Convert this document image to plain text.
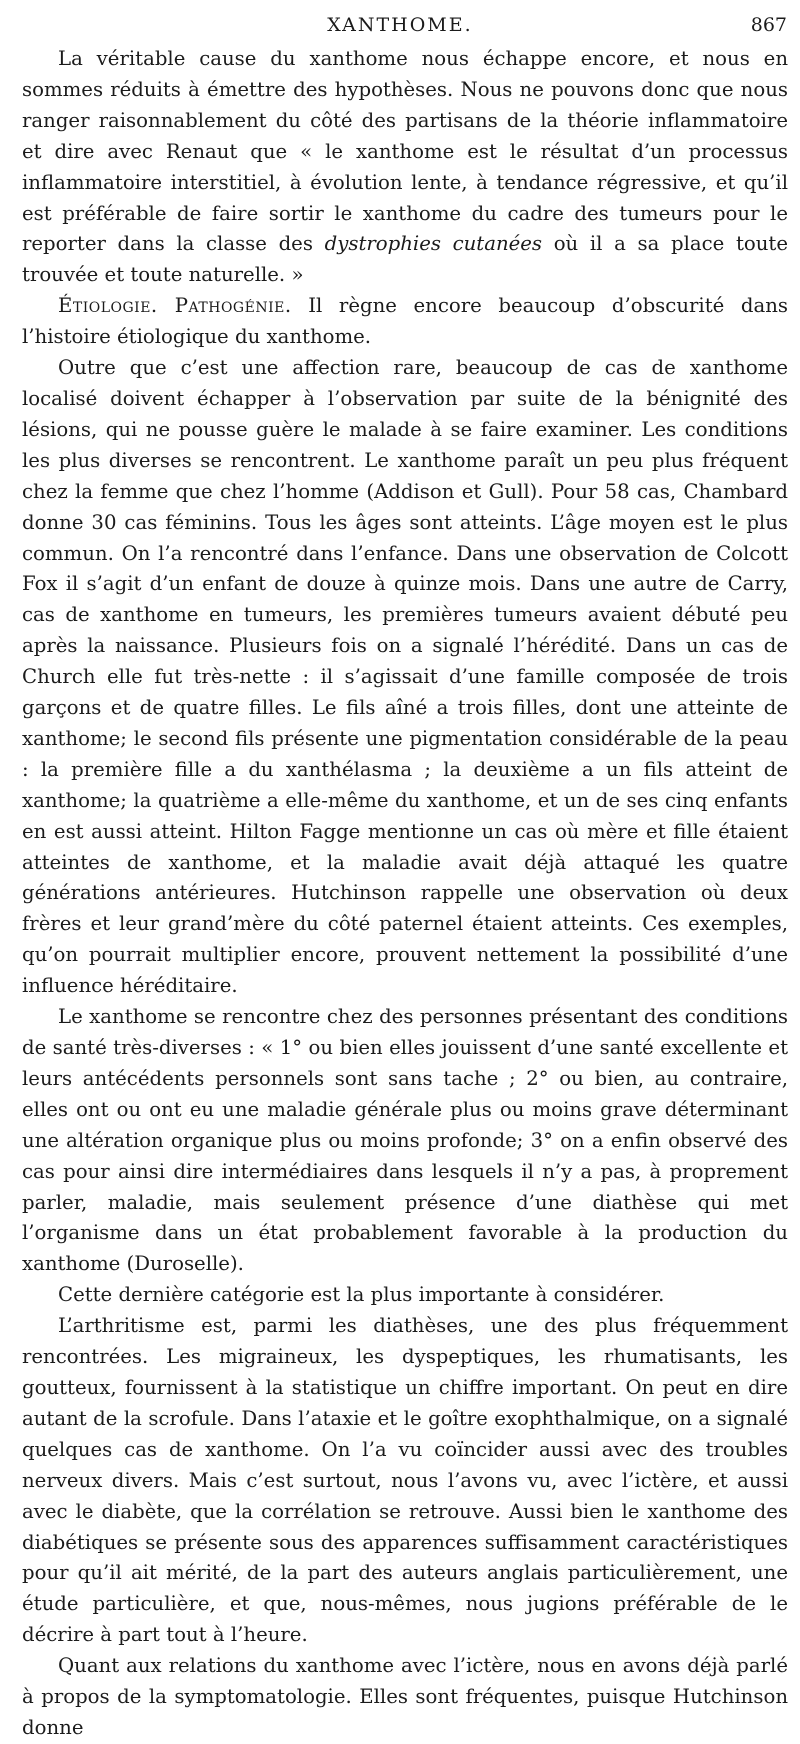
XANTHOME.	867

La véritable cause du xanthome nous échappe encore, et nous en sommes réduits à émettre des hypothèses. Nous ne pouvons donc que nous ranger raisonnablement du côté des partisans de la théorie inflammatoire et dire avec Renaut que « le xanthome est le résultat d’un processus inflammatoire interstitiel, à évolution lente, à tendance régressive, et qu’il est préférable de faire sortir le xanthome du cadre des tumeurs pour le reporter dans la classe des dystrophies cutanées où il a sa place toute trouvée et toute naturelle. »

Étiologie. Pathogénie. Il règne encore beaucoup d’obscurité dans l’histoire étiologique du xanthome.

Outre que c’est une affection rare, beaucoup de cas de xanthome localisé doivent échapper à l’observation par suite de la bénignité des lésions, qui ne pousse guère le malade à se faire examiner. Les conditions les plus diverses se rencontrent. Le xanthome paraît un peu plus fréquent chez la femme que chez l’homme (Addison et Gull). Pour 58 cas, Chambard donne 30 cas féminins. Tous les âges sont atteints. L’âge moyen est le plus commun. On l’a rencontré dans l’enfance. Dans une observation de Colcott Fox il s’agit d’un enfant de douze à quinze mois. Dans une autre de Carry, cas de xanthome en tumeurs, les premières tumeurs avaient débuté peu après la naissance. Plusieurs fois on a signalé l’hérédité. Dans un cas de Church elle fut très-nette : il s’agissait d’une famille composée de trois garçons et de quatre filles. Le fils aîné a trois filles, dont une atteinte de xanthome; le second fils présente une pigmentation considérable de la peau : la première fille a du xanthélasma ; la deuxième a un fils atteint de xanthome; la quatrième a elle-même du xanthome, et un de ses cinq enfants en est aussi atteint. Hilton Fagge mentionne un cas où mère et fille étaient atteintes de xanthome, et la maladie avait déjà attaqué les quatre générations antérieures. Hutchinson rappelle une observation où deux frères et leur grand’mère du côté paternel étaient atteints. Ces exemples, qu’on pourrait multiplier encore, prouvent nettement la possibilité d’une influence héréditaire.

Le xanthome se rencontre chez des personnes présentant des conditions de santé très-diverses : « 1° ou bien elles jouissent d’une santé excellente et leurs antécédents personnels sont sans tache ; 2° ou bien, au contraire, elles ont ou ont eu une maladie générale plus ou moins grave déterminant une altération organique plus ou moins profonde; 3° on a enfin observé des cas pour ainsi dire intermédiaires dans lesquels il n’y a pas, à proprement parler, maladie, mais seulement présence d’une diathèse qui met l’organisme dans un état probablement favorable à la production du xanthome (Duroselle).

Cette dernière catégorie est la plus importante à considérer.

L’arthritisme est, parmi les diathèses, une des plus fréquemment rencontrées. Les migraineux, les dyspeptiques, les rhumatisants, les goutteux, fournissent à la statistique un chiffre important. On peut en dire autant de la scrofule. Dans l’ataxie et le goître exophthalmique, on a signalé quelques cas de xanthome. On l’a vu coïncider aussi avec des troubles nerveux divers. Mais c’est surtout, nous l’avons vu, avec l’ictère, et aussi avec le diabète, que la corrélation se retrouve. Aussi bien le xanthome des diabétiques se présente sous des apparences suffisamment caractéristiques pour qu’il ait mérité, de la part des auteurs anglais particulièrement, une étude particulière, et que, nous-mêmes, nous jugions préférable de le décrire à part tout à l’heure.

Quant aux relations du xanthome avec l’ictère, nous en avons déjà parlé à propos de la symptomatologie. Elles sont fréquentes, puisque Hutchinson donne
